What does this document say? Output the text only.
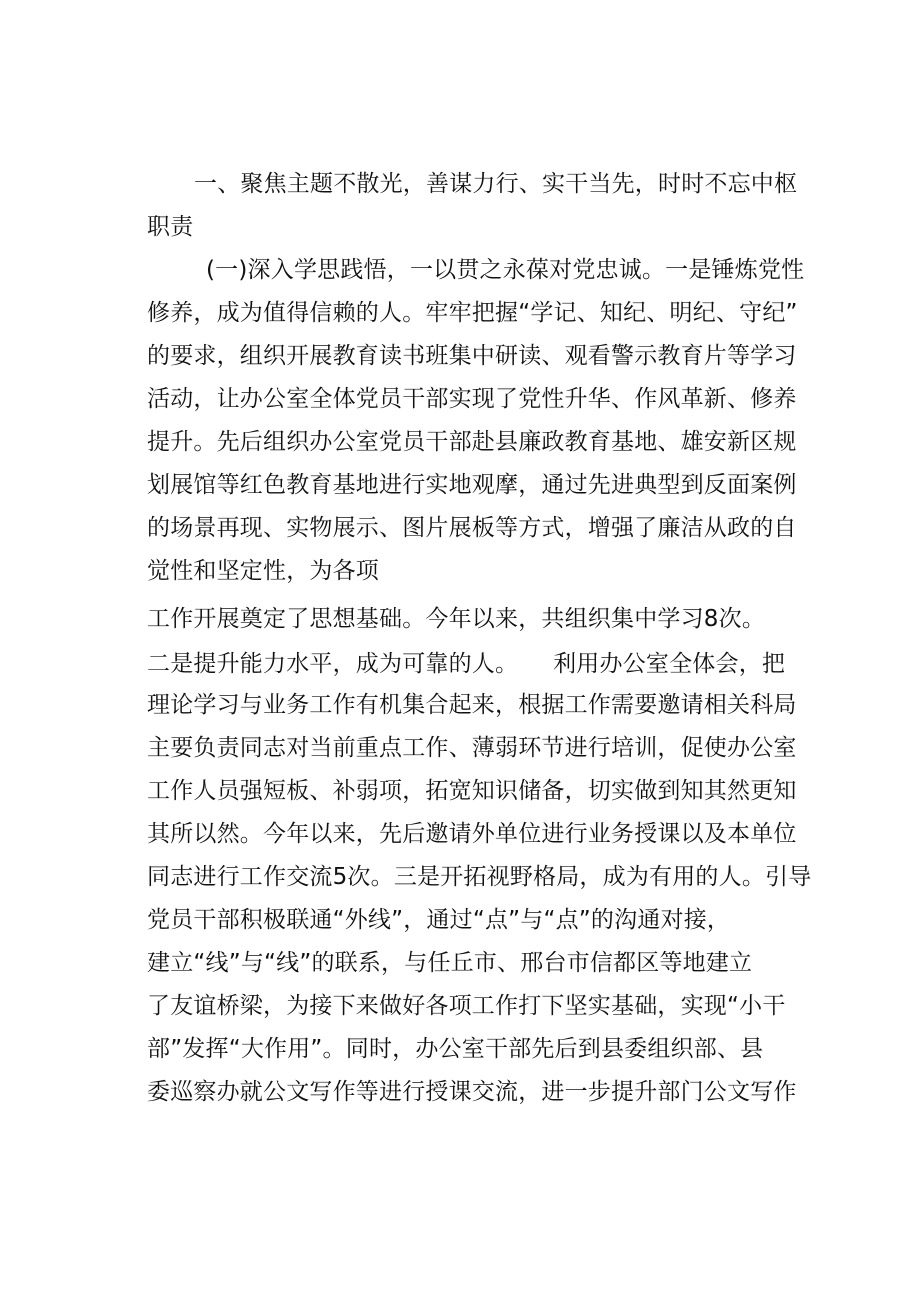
一、聚焦主题不散光，善谋力行、实干当先，时时不忘中枢
职责
(一)深入学思践悟，一以贯之永葆对党忠诚。一是锤炼党性
修养，成为值得信赖的人。牢牢把握“学记、知纪、明纪、守纪”
的要求，组织开展教育读书班集中研读、观看警示教育片等学习
活动，让办公室全体党员干部实现了党性升华、作风革新、修养
提升。先后组织办公室党员干部赴县廉政教育基地、雄安新区规
划展馆等红色教育基地进行实地观摩，通过先进典型到反面案例
的场景再现、实物展示、图片展板等方式，增强了廉洁从政的自
觉性和坚定性，为各项
工作开展奠定了思想基础。今年以来，共组织集中学习8次。
二是提升能力水平，成为可靠的人。　　利用办公室全体会，把
理论学习与业务工作有机集合起来，根据工作需要邀请相关科局
主要负责同志对当前重点工作、薄弱环节进行培训，促使办公室
工作人员强短板、补弱项，拓宽知识储备，切实做到知其然更知
其所以然。今年以来，先后邀请外单位进行业务授课以及本单位
同志进行工作交流5次。三是开拓视野格局，成为有用的人。引导
党员干部积极联通“外线”，通过“点”与“点”的沟通对接，
建立“线”与“线”的联系，与任丘市、邢台市信都区等地建立
了友谊桥梁，为接下来做好各项工作打下坚实基础，实现“小干
部”发挥“大作用”。同时，办公室干部先后到县委组织部、县
委巡察办就公文写作等进行授课交流，进一步提升部门公文写作
